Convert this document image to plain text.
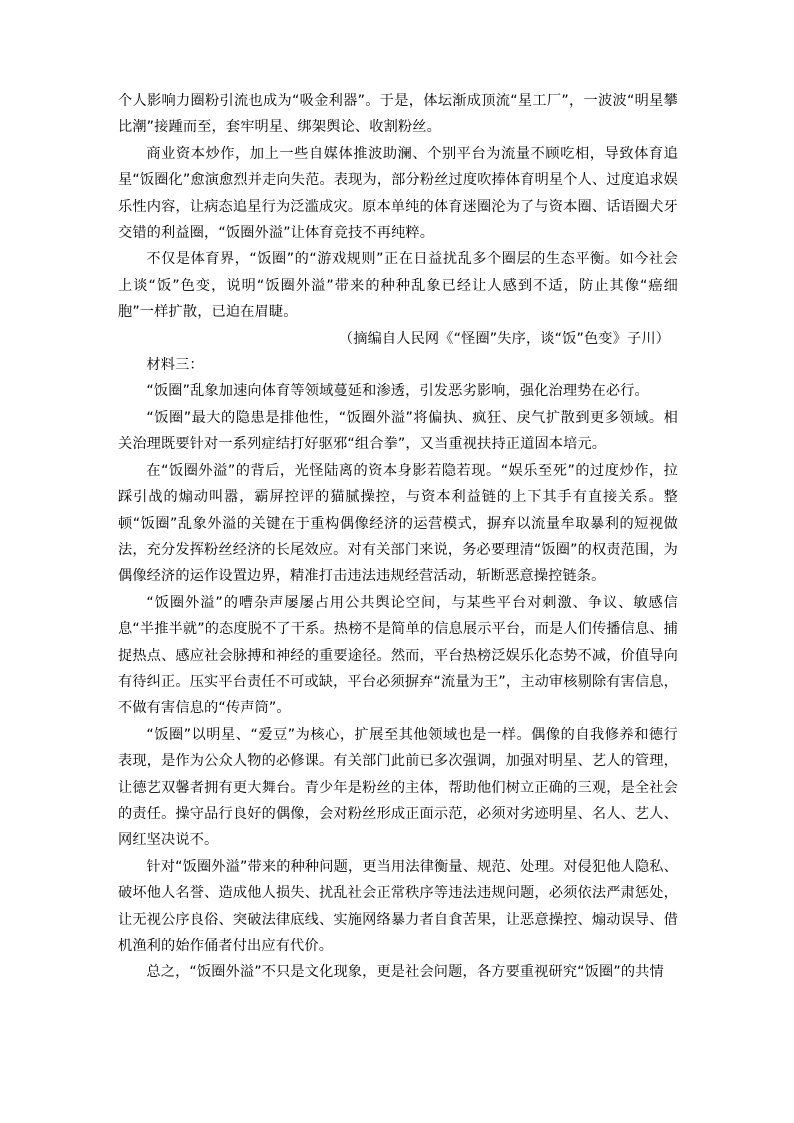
个人影响力圈粉引流也成为“吸金利器”。于是，体坛渐成顶流“星工厂”，一波波“明星攀比潮”接踵而至，套牢明星、绑架舆论、收割粉丝。

商业资本炒作，加上一些自媒体推波助澜、个别平台为流量不顾吃相，导致体育追星“饭圈化”愈演愈烈并走向失范。表现为，部分粉丝过度吹捧体育明星个人、过度追求娱乐性内容，让病态追星行为泛滥成灾。原本单纯的体育迷圈沦为了与资本圈、话语圈犬牙交错的利益圈，“饭圈外溢”让体育竞技不再纯粹。

不仅是体育界，“饭圈”的“游戏规则”正在日益扰乱多个圈层的生态平衡。如今社会上谈“饭”色变，说明“饭圈外溢”带来的种种乱象已经让人感到不适，防止其像“癌细胞”一样扩散，已迫在眉睫。

（摘编自人民网《“怪圈”失序，谈“饭”色变》子川）

材料三：

“饭圈”乱象加速向体育等领域蔓延和渗透，引发恶劣影响，强化治理势在必行。

“饭圈”最大的隐患是排他性，“饭圈外溢”将偏执、疯狂、戾气扩散到更多领域。相关治理既要针对一系列症结打好驱邪“组合拳”，又当重视扶持正道固本培元。

在“饭圈外溢”的背后，光怪陆离的资本身影若隐若现。“娱乐至死”的过度炒作，拉踩引战的煽动叫嚣，霸屏控评的猫腻操控，与资本利益链的上下其手有直接关系。整顿“饭圈”乱象外溢的关键在于重构偶像经济的运营模式，摒弃以流量牟取暴利的短视做法，充分发挥粉丝经济的长尾效应。对有关部门来说，务必要理清“饭圈”的权责范围，为偶像经济的运作设置边界，精准打击违法违规经营活动，斩断恶意操控链条。

“饭圈外溢”的嘈杂声屡屡占用公共舆论空间，与某些平台对刺激、争议、敏感信息“半推半就”的态度脱不了干系。热榜不是简单的信息展示平台，而是人们传播信息、捕捉热点、感应社会脉搏和神经的重要途径。然而，平台热榜泛娱乐化态势不减，价值导向有待纠正。压实平台责任不可或缺，平台必须摒弃“流量为王”，主动审核剔除有害信息，不做有害信息的“传声筒”。

“饭圈”以明星、“爱豆”为核心，扩展至其他领域也是一样。偶像的自我修养和德行表现，是作为公众人物的必修课。有关部门此前已多次强调，加强对明星、艺人的管理，让德艺双馨者拥有更大舞台。青少年是粉丝的主体，帮助他们树立正确的三观，是全社会的责任。操守品行良好的偶像，会对粉丝形成正面示范，必须对劣迹明星、名人、艺人、网红坚决说不。

针对“饭圈外溢”带来的种种问题，更当用法律衡量、规范、处理。对侵犯他人隐私、破坏他人名誉、造成他人损失、扰乱社会正常秩序等违法违规问题，必须依法严肃惩处，让无视公序良俗、突破法律底线、实施网络暴力者自食苦果，让恶意操控、煽动误导、借机渔利的始作俑者付出应有代价。

总之，“饭圈外溢”不只是文化现象，更是社会问题，各方要重视研究“饭圈”的共情
